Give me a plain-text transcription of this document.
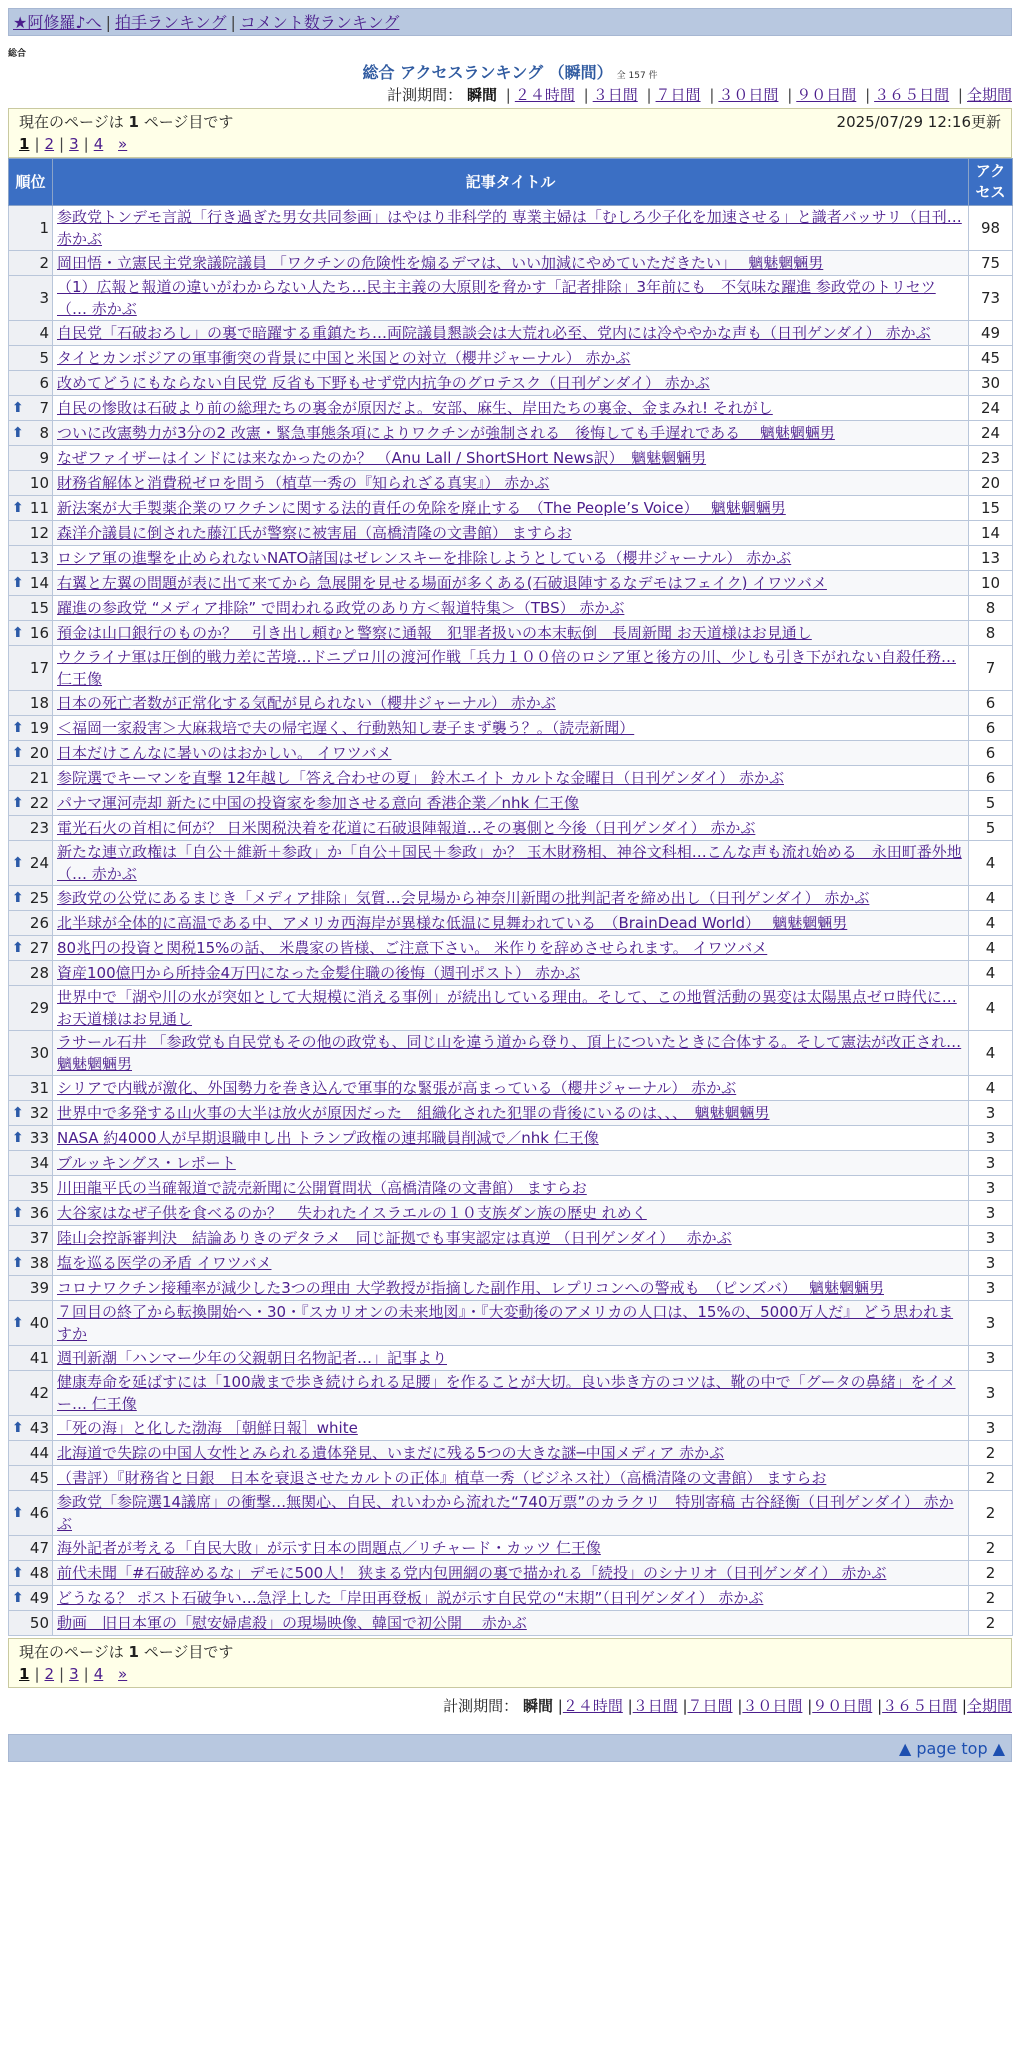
★阿修羅♪へ | 拍手ランキング | コメント数ランキング
総合
総合 アクセスランキング （瞬間） 全 157 件
計測期間： 瞬間 | ２４時間 | ３日間 | ７日間 | ３０日間 | ９０日間 | ３６５日間 | 全期間
現在のページは 1 ページ目です	2025/07/29 12:16更新
1 | 2 | 3 | 4 »
順位	記事タイトル	アクセス
1	参政党トンデモ言説「行き過ぎた男女共同参画」はやはり非科学的 専業主婦は「むしろ少子化を加速させる」と識者バッサリ（日刊… 赤かぶ	98
2	岡田悟・立憲民主党衆議院議員 「ワクチンの危険性を煽るデマは、いい加減にやめていただきたい」　 魑魅魍魎男	75
3	（1）広報と報道の違いがわからない人たち…民主主義の大原則を脅かす「記者排除」3年前にも　不気味な躍進 参政党のトリセツ（… 赤かぶ	73
4	自民党「石破おろし」の裏で暗躍する重鎮たち…両院議員懇談会は大荒れ必至、党内には冷ややかな声も（日刊ゲンダイ） 赤かぶ	49
5	タイとカンボジアの軍事衝突の背景に中国と米国との対立（櫻井ジャーナル） 赤かぶ	45
6	改めてどうにもならない自民党 反省も下野もせず党内抗争のグロテスク（日刊ゲンダイ） 赤かぶ	30

⬆ 7	自民の惨敗は石破より前の総理たちの裏金が原因だよ。安部、麻生、岸田たちの裏金、金まみれ! それがし	24

⬆ 8	ついに改憲勢力が3分の2 改憲・緊急事態条項によりワクチンが強制される　後悔しても手遅れである　 魑魅魍魎男	24
9	なぜファイザーはインドには来なかったのか？ （Anu Lall / ShortSHort News訳）　魑魅魍魎男	23
10	財務省解体と消費税ゼロを問う（植草一秀の『知られざる真実』） 赤かぶ	20

⬆ 11	新法案が大手製薬企業のワクチンに関する法的責任の免除を廃止する　（The People’s Voice）　 魑魅魍魎男	15
12	森洋介議員に倒された藤江氏が警察に被害届（高橋清隆の文書館） ますらお	14
13	ロシア軍の進撃を止められないNATO諸国はゼレンスキーを排除しようとしている（櫻井ジャーナル） 赤かぶ	13

⬆ 14	右翼と左翼の問題が表に出て来てから 急展開を見せる場面が多くある(石破退陣するなデモはフェイク) イワツバメ	10
15	躍進の参政党 “メディア排除” で問われる政党のあり方＜報道特集＞（TBS） 赤かぶ	8

⬆ 16	預金は山口銀行のものか？　引き出し頼むと警察に通報　犯罪者扱いの本末転倒　長周新聞 お天道様はお見通し	8
17	ウクライナ軍は圧倒的戦力差に苦境…ドニプロ川の渡河作戦「兵力１００倍のロシア軍と後方の川、少しも引き下がれない自殺任務… 仁王像	7
18	日本の死亡者数が正常化する気配が見られない（櫻井ジャーナル） 赤かぶ	6

⬆ 19	＜福岡一家殺害＞大麻栽培で夫の帰宅遅く、行動熟知し妻子まず襲う？。（読売新聞）	6

⬆ 20	日本だけこんなに暑いのはおかしい。 イワツバメ	6
21	参院選でキーマンを直撃 12年越し「答え合わせの夏」 鈴木エイト カルトな金曜日（日刊ゲンダイ） 赤かぶ	6

⬆ 22	パナマ運河売却 新たに中国の投資家を参加させる意向 香港企業／nhk 仁王像	5
23	電光石火の首相に何が？ 日米関税決着を花道に石破退陣報道…その裏側と今後（日刊ゲンダイ） 赤かぶ	5

⬆ 24	新たな連立政権は「自公＋維新＋参政」か「自公＋国民＋参政」か？ 玉木財務相、神谷文科相…こんな声も流れ始める　永田町番外地（… 赤かぶ	4

⬆ 25	参政党の公党にあるまじき「メディア排除」気質…会見場から神奈川新聞の批判記者を締め出し（日刊ゲンダイ） 赤かぶ	4
26	北半球が全体的に高温である中、アメリカ西海岸が異様な低温に見舞われている　（BrainDead World）　 魑魅魍魎男	4

⬆ 27	80兆円の投資と関税15%の話、 米農家の皆様、ご注意下さい。 米作りを辞めさせられます。 イワツバメ	4
28	資産100億円から所持金4万円になった金髪住職の後悔（週刊ポスト） 赤かぶ	4
29	世界中で「湖や川の水が突如として大規模に消える事例」が続出している理由。そして、この地質活動の異変は太陽黒点ゼロ時代に… お天道様はお見通し	4
30	ラサール石井 「参政党も自民党もその他の政党も、同じ山を違う道から登り、頂上についたときに合体する。そして憲法が改正され… 魑魅魍魎男	4
31	シリアで内戦が激化、外国勢力を巻き込んで軍事的な緊張が高まっている（櫻井ジャーナル） 赤かぶ	4

⬆ 32	世界中で多発する山火事の大半は放火が原因だった　組織化された犯罪の背後にいるのは、、、　魑魅魍魎男	3

⬆ 33	NASA 約4000人が早期退職申し出 トランプ政権の連邦職員削減で／nhk 仁王像	3
34	ブルッキングス・レポート	3
35	川田龍平氏の当確報道で読売新聞に公開質問状（高橋清隆の文書館） ますらお	3

⬆ 36	大谷家はなぜ子供を食べるのか？　失われたイスラエルの１０支族ダン族の歴史 れめく	3
37	陸山会控訴審判決　結論ありきのデタラメ　同じ証拠でも事実認定は真逆 （日刊ゲンダイ）　 赤かぶ	3

⬆ 38	塩を巡る医学の矛盾 イワツバメ	3
39	コロナワクチン接種率が減少した3つの理由 大学教授が指摘した副作用、レプリコンへの警戒も　（ピンズバ）　 魑魅魍魎男	3

⬆ 40	７回目の終了から転換開始へ・30・『スカリオンの未来地図』・『大変動後のアメリカの人口は、15%の、5000万人だ』 どう思われますか	3
41	週刊新潮「ハンマー少年の父親朝日名物記者…」記事より	3
42	健康寿命を延ばすには「100歳まで歩き続けられる足腰」を作ることが大切。良い歩き方のコツは、靴の中で「グータの鼻緒」をイメー… 仁王像	3

⬆ 43	「死の海」と化した渤海 ［朝鮮日報］white	3
44	北海道で失踪の中国人女性とみられる遺体発見、いまだに残る5つの大きな謎─中国メディア 赤かぶ	2
45	（書評）『財務省と日銀　日本を衰退させたカルトの正体』植草一秀（ビジネス社）（高橋清隆の文書館） ますらお	2

⬆ 46	参政党「参院選14議席」の衝撃…無関心、自民、れいわから流れた“740万票”のカラクリ　特別寄稿 古谷経衡（日刊ゲンダイ） 赤かぶ	2
47	海外記者が考える「自民大敗」が示す日本の問題点／リチャード・カッツ 仁王像	2

⬆ 48	前代未聞「#石破辞めるな」デモに500人！ 狭まる党内包囲網の裏で描かれる「続投」のシナリオ（日刊ゲンダイ） 赤かぶ	2

⬆ 49	どうなる？ ポスト石破争い…急浮上した「岸田再登板」説が示す自民党の“末期”（日刊ゲンダイ） 赤かぶ	2
50	動画　旧日本軍の「慰安婦虐殺」の現場映像、韓国で初公開　 赤かぶ	2
現在のページは 1 ページ目です
1 | 2 | 3 | 4 »
計測期間： 瞬間 |２４時間 |３日間 |７日間 |３０日間 |９０日間 |３６５日間 |全期間
▲ page top ▲
